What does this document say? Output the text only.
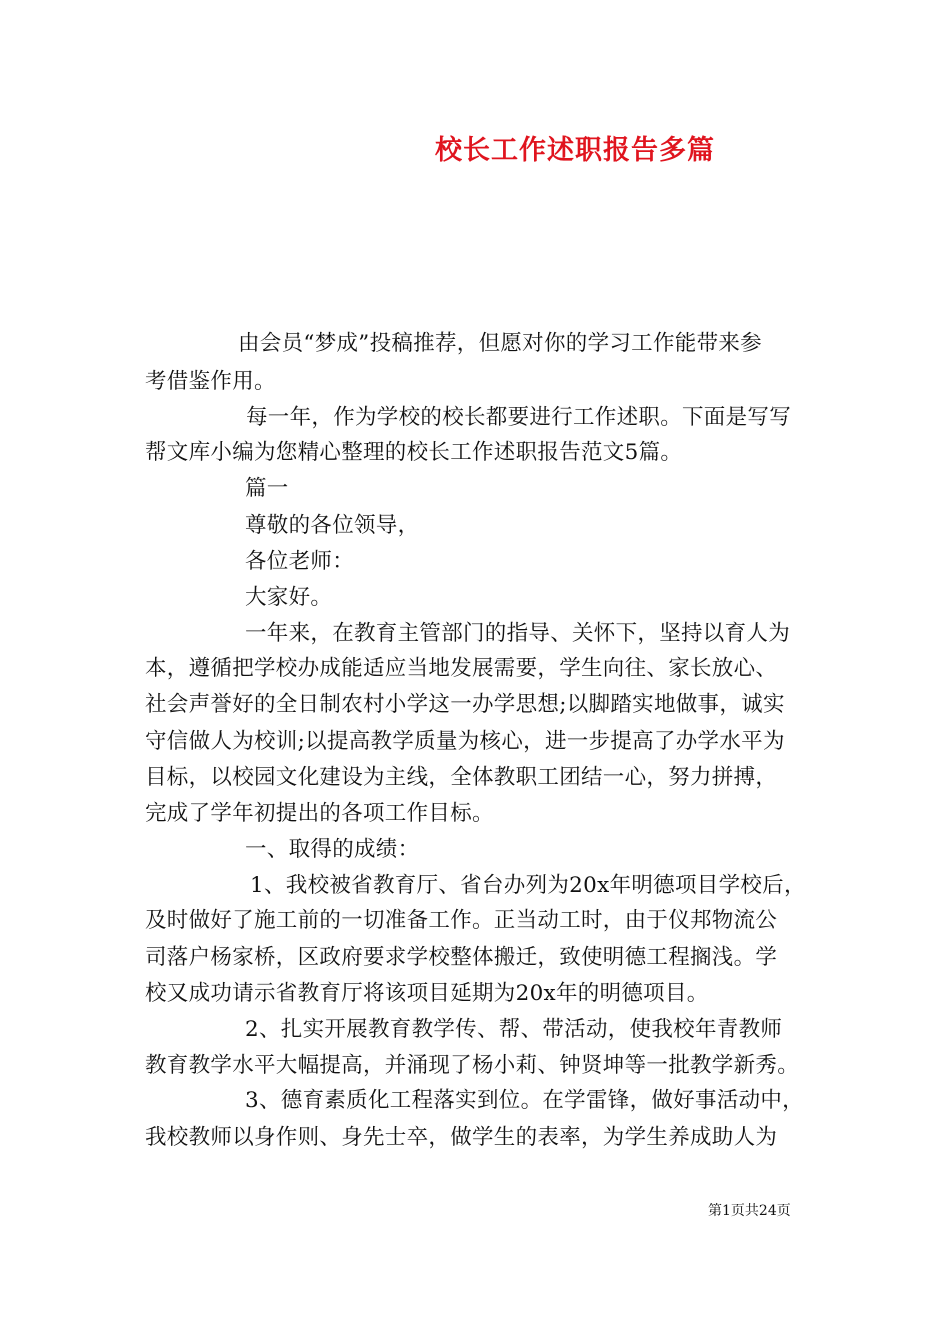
校长工作述职报告多篇
由会员“梦成”投稿推荐，但愿对你的学习工作能带来参
考借鉴作用。
每一年，作为学校的校长都要进行工作述职。下面是写写
帮文库小编为您精心整理的校长工作述职报告范文5篇。
篇一
尊敬的各位领导，
各位老师：
大家好。
一年来，在教育主管部门的指导、关怀下，坚持以育人为
本，遵循把学校办成能适应当地发展需要，学生向往、家长放心、
社会声誉好的全日制农村小学这一办学思想;以脚踏实地做事，诚实
守信做人为校训;以提高教学质量为核心，进一步提高了办学水平为
目标，以校园文化建设为主线，全体教职工团结一心，努力拼搏，
完成了学年初提出的各项工作目标。
一、取得的成绩：
1、我校被省教育厅、省台办列为20x年明德项目学校后，
及时做好了施工前的一切准备工作。正当动工时，由于仪邦物流公
司落户杨家桥，区政府要求学校整体搬迁，致使明德工程搁浅。学
校又成功请示省教育厅将该项目延期为20x年的明德项目。
2、扎实开展教育教学传、帮、带活动，使我校年青教师
教育教学水平大幅提高，并涌现了杨小莉、钟贤坤等一批教学新秀。
3、德育素质化工程落实到位。在学雷锋，做好事活动中，
我校教师以身作则、身先士卒，做学生的表率，为学生养成助人为
第1页共24页
